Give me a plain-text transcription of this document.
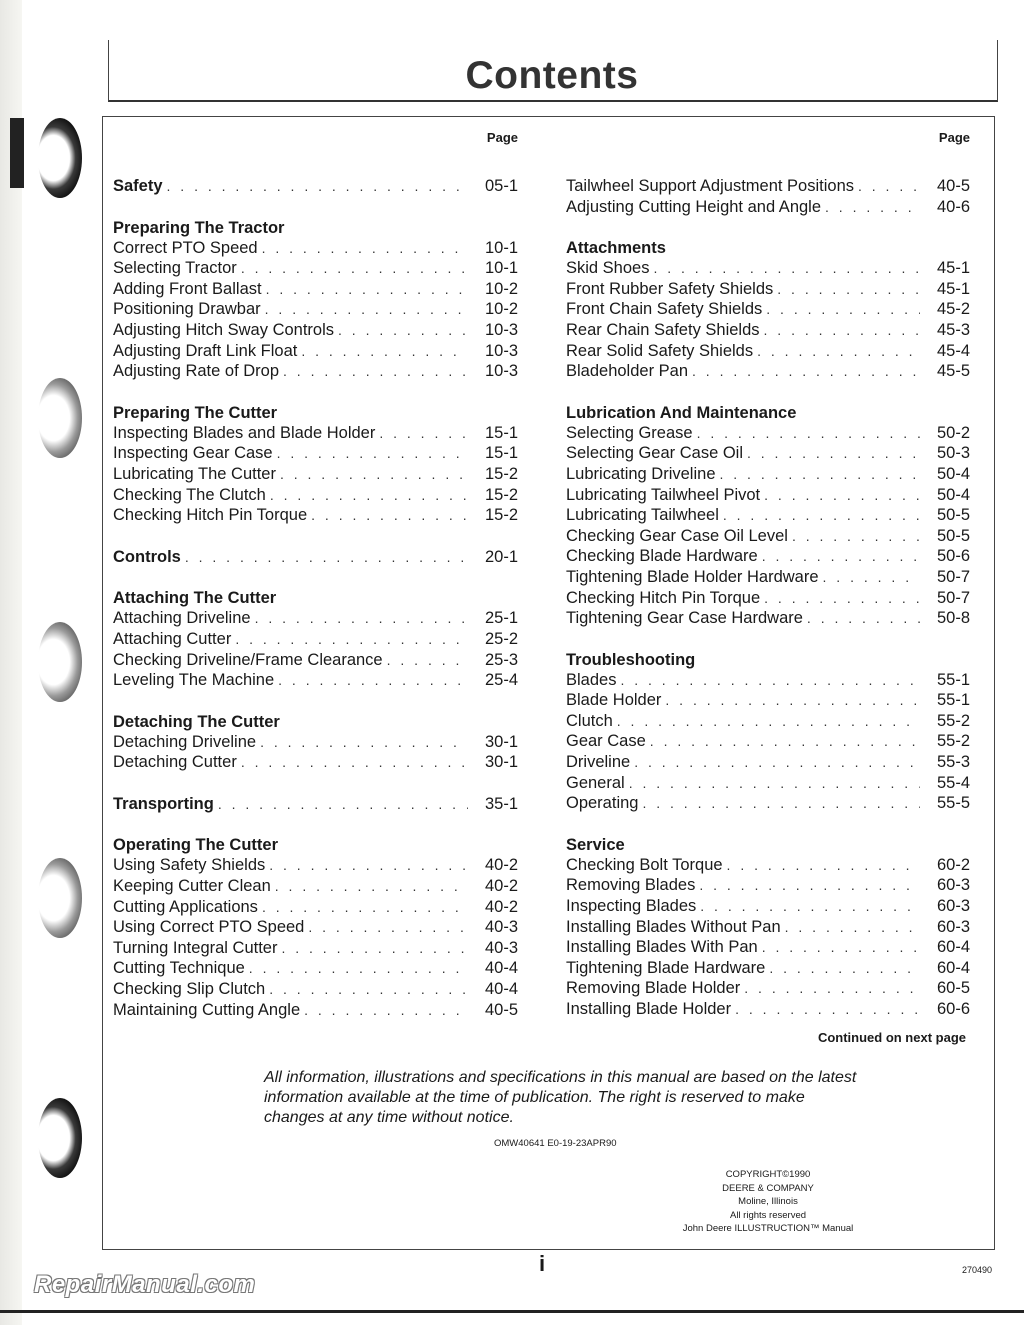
Contents
Page
Safety . . .	05-1
Preparing The Tractor
Correct PTO Speed . . .	10-1
Selecting Tractor . . .	10-1
Adding Front Ballast . . .	10-2
Positioning Drawbar . . .	10-2
Adjusting Hitch Sway Controls . . .	10-3
Adjusting Draft Link Float . . .	10-3
Adjusting Rate of Drop . . .	10-3
Preparing The Cutter
Inspecting Blades and Blade Holder . . .	15-1
Inspecting Gear Case . . .	15-1
Lubricating The Cutter . . .	15-2
Checking The Clutch . . .	15-2
Checking Hitch Pin Torque . . .	15-2
Controls . . .	20-1
Attaching The Cutter
Attaching Driveline . . .	25-1
Attaching Cutter . . .	25-2
Checking Driveline/Frame Clearance . . .	25-3
Leveling The Machine . . .	25-4
Detaching The Cutter
Detaching Driveline . . .	30-1
Detaching Cutter . . .	30-1
Transporting . . .	35-1
Operating The Cutter
Using Safety Shields . . .	40-2
Keeping Cutter Clean . . .	40-2
Cutting Applications . . .	40-2
Using Correct PTO Speed . . .	40-3
Turning Integral Cutter . . .	40-3
Cutting Technique . . .	40-4
Checking Slip Clutch . . .	40-4
Maintaining Cutting Angle . . .	40-5
Page
Tailwheel Support Adjustment Positions . . .	40-5
Adjusting Cutting Height and Angle . . .	40-6
Attachments
Skid Shoes . . .	45-1
Front Rubber Safety Shields . . .	45-1
Front Chain Safety Shields . . .	45-2
Rear Chain Safety Shields . . .	45-3
Rear Solid Safety Shields . . .	45-4
Bladeholder Pan . . .	45-5
Lubrication And Maintenance
Selecting Grease . . .	50-2
Selecting Gear Case Oil . . .	50-3
Lubricating Driveline . . .	50-4
Lubricating Tailwheel Pivot . . .	50-4
Lubricating Tailwheel . . .	50-5
Checking Gear Case Oil Level . . .	50-5
Checking Blade Hardware . . .	50-6
Tightening Blade Holder Hardware . . .	50-7
Checking Hitch Pin Torque . . .	50-7
Tightening Gear Case Hardware . . .	50-8
Troubleshooting
Blades . . .	55-1
Blade Holder . . .	55-1
Clutch . . .	55-2
Gear Case . . .	55-2
Driveline . . .	55-3
General . . .	55-4
Operating . . .	55-5
Service
Checking Bolt Torque . . .	60-2
Removing Blades . . .	60-3
Inspecting Blades . . .	60-3
Installing Blades Without Pan . . .	60-3
Installing Blades With Pan . . .	60-4
Tightening Blade Hardware . . .	60-4
Removing Blade Holder . . .	60-5
Installing Blade Holder . . .	60-6
Continued on next page

All information, illustrations and specifications in this manual are based on the latest information available at the time of publication. The right is reserved to make changes at any time without notice.

OMW40641 E0-19-23APR90
COPYRIGHT©1990
DEERE & COMPANY
Moline, Illinois
All rights reserved
John Deere ILLUSTRUCTION™ Manual
i	270490
RepairManual.com
